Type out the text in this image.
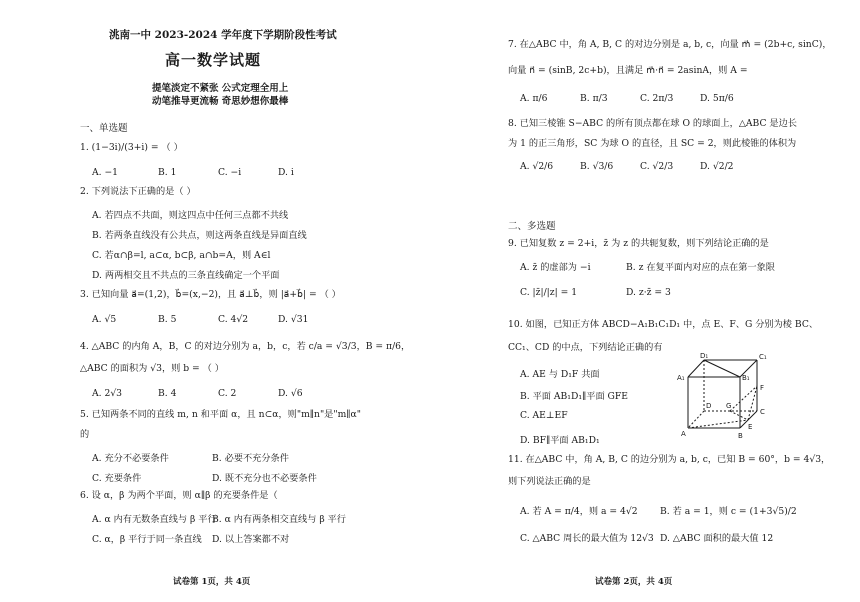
洮南一中 2023-2024 学年度下学期阶段性考试
高一数学试题
提笔淡定不紧张 公式定理全用上
动笔推导更流畅 奇思妙想你最棒
一、单选题
1. (1−3i)/(3+i) = （ ）
A. −1	B. 1	C. −i	D. i
2. 下列说法下正确的是（ ）
A. 若四点不共面，则这四点中任何三点都不共线
B. 若两条直线没有公共点，则这两条直线是异面直线
C. 若α∩β=l, a⊂α, b⊂β, a∩b=A，则 A∈l
D. 两两相交且不共点的三条直线确定一个平面
3. 已知向量 a⃗=(1,2)，b⃗=(x,−2)，且 a⃗⊥b⃗，则 |a⃗+b⃗| = （ ）
A. √5	B. 5	C. 4√2	D. √31
4. △ABC 的内角 A，B，C 的对边分别为 a，b，c，若 c/a = √3/3，B = π/6，
△ABC 的面积为 √3，则 b = （ ）
A. 2√3	B. 4	C. 2	D. √6
5. 已知两条不同的直线 m, n 和平面 α，且 n⊂α，则"m∥n"是"m∥α"
的
A. 充分不必要条件	B. 必要不充分条件
C. 充要条件	D. 既不充分也不必要条件
6. 设 α，β 为两个平面，则 α∥β 的充要条件是（
A. α 内有无数条直线与 β 平行
B. α 内有两条相交直线与 β 平行
C. α，β 平行于同一条直线 D. 以上答案都不对
试卷第 1页，共 4页
7. 在△ABC 中，角 A, B, C 的对边分别是 a, b, c，向量 m⃗ = (2b+c, sinC)，
向量 n⃗ = (sinB, 2c+b)，且满足 m⃗·n⃗ = 2asinA，则 A =
A. π/6	B. π/3	C. 2π/3	D. 5π/6
8. 已知三棱锥 S−ABC 的所有顶点都在球 O 的球面上，△ABC 是边长
为 1 的正三角形，SC 为球 O 的直径，且 SC = 2，则此棱锥的体积为
A. √2/6	B. √3/6	C. √2/3	D. √2/2
二、多选题
9. 已知复数 z = 2+i，z̄ 为 z 的共轭复数，则下列结论正确的是
A. z̄ 的虚部为 −i	B. z 在复平面内对应的点在第一象限
C. |z̄|/|z| = 1	D. z·z̄ = 3
10. 如图，已知正方体 ABCD−A₁B₁C₁D₁ 中，点 E、F、G 分别为棱 BC、
CC₁、CD 的中点，下列结论正确的有
A. AE 与 D₁F 共面
B. 平面 AB₁D₁∥平面 GFE
C. AE⊥EF
D. BF∥平面 AB₁D₁
D₁	C₁
A₁	B₁
D
C
A	B
F
E
G
11. 在△ABC 中，角 A, B, C 的边分别为 a, b, c，已知 B = 60°，b = 4√3，
则下列说法正确的是
A. 若 A = π/4，则 a = 4√2 B. 若 a = 1，则 c = (1+3√5)/2
C. △ABC 周长的最大值为 12√3 D. △ABC 面积的最大值 12
试卷第 2页，共 4页
